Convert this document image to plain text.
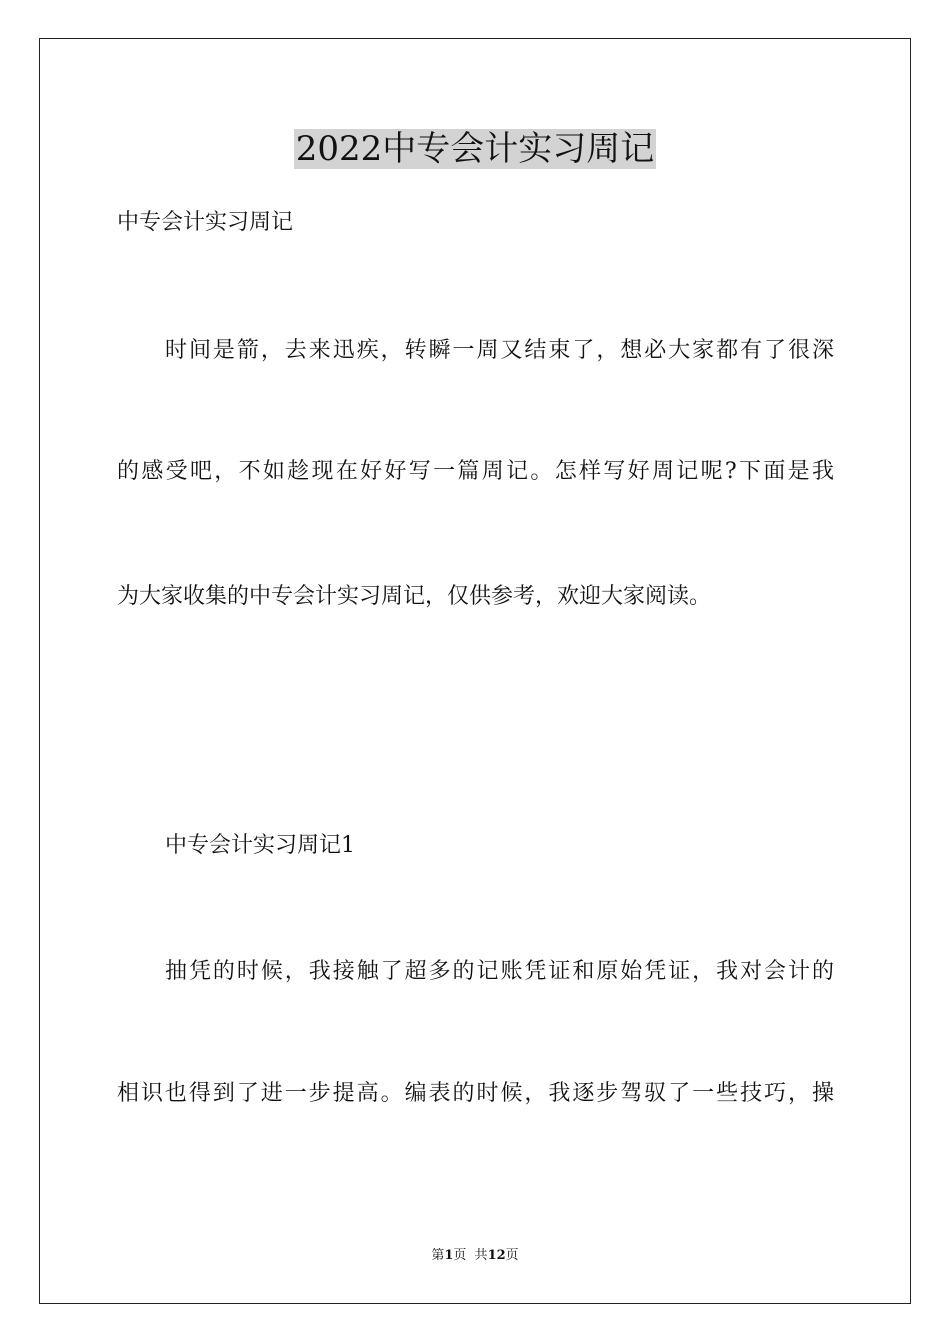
2022中专会计实习周记

中专会计实习周记

时间是箭，去来迅疾，转瞬一周又结束了，想必大家都有了很深

的感受吧，不如趁现在好好写一篇周记。怎样写好周记呢?下面是我

为大家收集的中专会计实习周记，仅供参考，欢迎大家阅读。

中专会计实习周记1

抽凭的时候，我接触了超多的记账凭证和原始凭证，我对会计的

相识也得到了进一步提高。编表的时候，我逐步驾驭了一些技巧，操

第1页 共12页
